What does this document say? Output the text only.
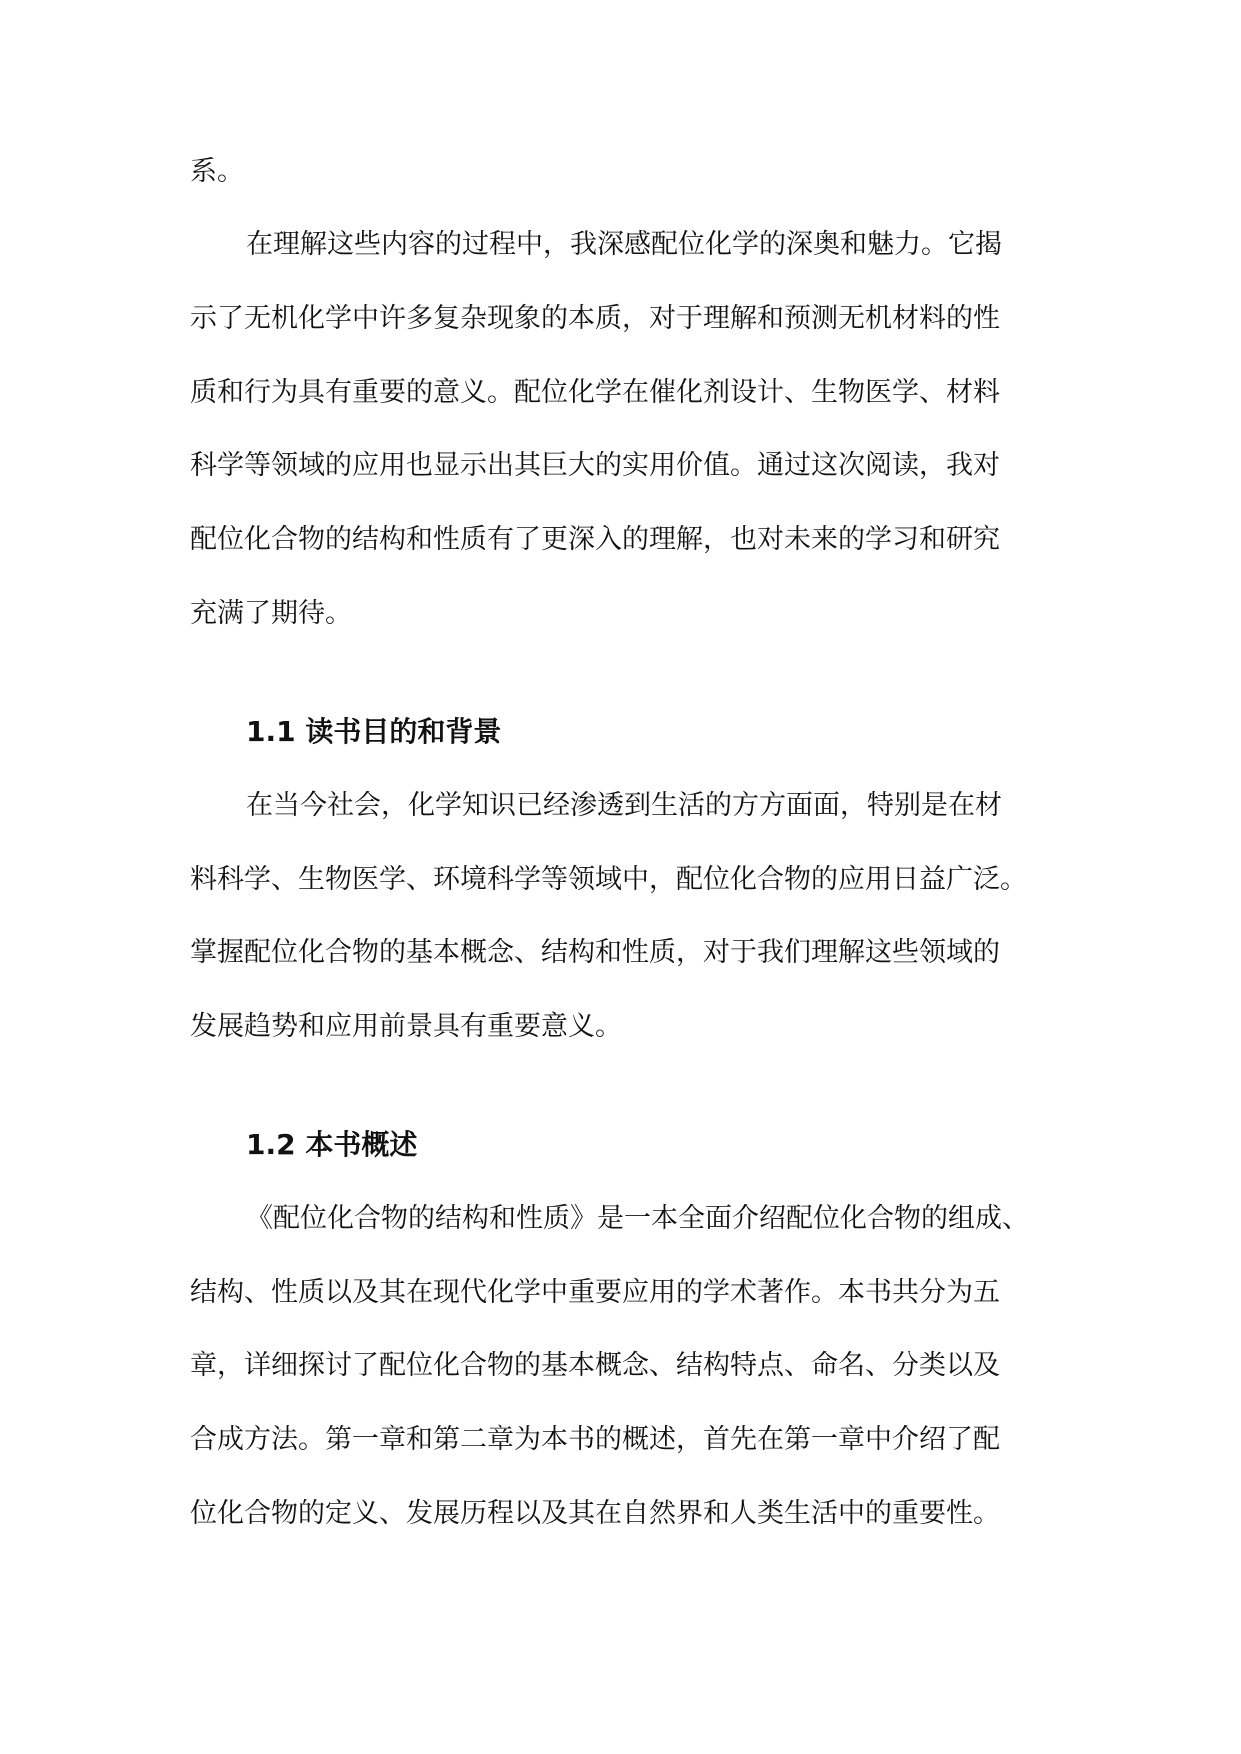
系。

在理解这些内容的过程中，我深感配位化学的深奥和魅力。它揭

示了无机化学中许多复杂现象的本质，对于理解和预测无机材料的性

质和行为具有重要的意义。配位化学在催化剂设计、生物医学、材料

科学等领域的应用也显示出其巨大的实用价值。通过这次阅读，我对

配位化合物的结构和性质有了更深入的理解，也对未来的学习和研究

充满了期待。

1.1 读书目的和背景

在当今社会，化学知识已经渗透到生活的方方面面，特别是在材

料科学、生物医学、环境科学等领域中，配位化合物的应用日益广泛。

掌握配位化合物的基本概念、结构和性质，对于我们理解这些领域的

发展趋势和应用前景具有重要意义。

1.2 本书概述

《配位化合物的结构和性质》是一本全面介绍配位化合物的组成、

结构、性质以及其在现代化学中重要应用的学术著作。本书共分为五

章，详细探讨了配位化合物的基本概念、结构特点、命名、分类以及

合成方法。第一章和第二章为本书的概述，首先在第一章中介绍了配

位化合物的定义、发展历程以及其在自然界和人类生活中的重要性。
